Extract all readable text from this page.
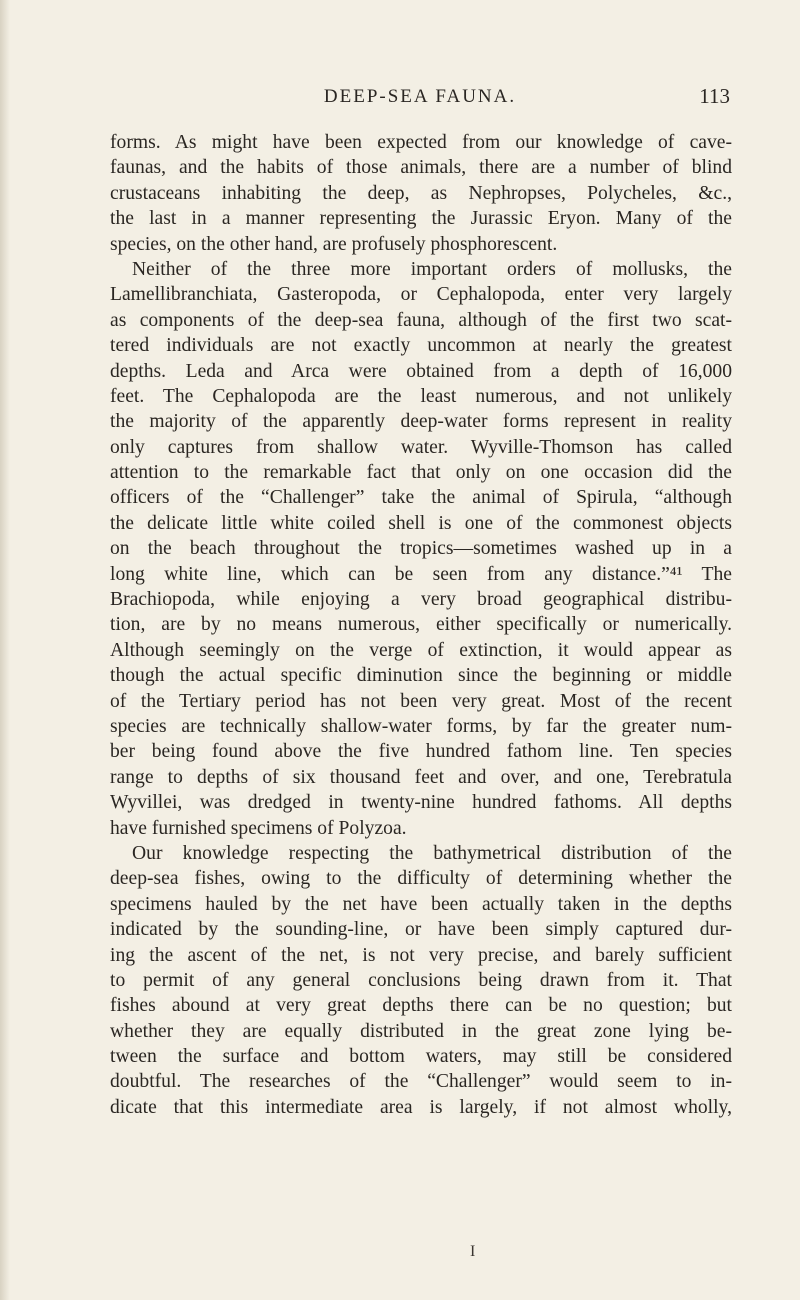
DEEP-SEA FAUNA.	113
forms. As might have been expected from our knowledge of cave-
faunas, and the habits of those animals, there are a number of blind
crustaceans inhabiting the deep, as Nephropses, Polycheles, &c.,
the last in a manner representing the Jurassic Eryon. Many of the
species, on the other hand, are profusely phosphorescent.
Neither of the three more important orders of mollusks, the
Lamellibranchiata, Gasteropoda, or Cephalopoda, enter very largely
as components of the deep-sea fauna, although of the first two scat-
tered individuals are not exactly uncommon at nearly the greatest
depths. Leda and Arca were obtained from a depth of 16,000
feet. The Cephalopoda are the least numerous, and not unlikely
the majority of the apparently deep-water forms represent in reality
only captures from shallow water. Wyville-Thomson has called
attention to the remarkable fact that only on one occasion did the
officers of the “Challenger” take the animal of Spirula, “although
the delicate little white coiled shell is one of the commonest objects
on the beach throughout the tropics—sometimes washed up in a
long white line, which can be seen from any distance.”⁴¹ The
Brachiopoda, while enjoying a very broad geographical distribu-
tion, are by no means numerous, either specifically or numerically.
Although seemingly on the verge of extinction, it would appear as
though the actual specific diminution since the beginning or middle
of the Tertiary period has not been very great. Most of the recent
species are technically shallow-water forms, by far the greater num-
ber being found above the five hundred fathom line. Ten species
range to depths of six thousand feet and over, and one, Terebratula
Wyvillei, was dredged in twenty-nine hundred fathoms. All depths
have furnished specimens of Polyzoa.
Our knowledge respecting the bathymetrical distribution of the
deep-sea fishes, owing to the difficulty of determining whether the
specimens hauled by the net have been actually taken in the depths
indicated by the sounding-line, or have been simply captured dur-
ing the ascent of the net, is not very precise, and barely sufficient
to permit of any general conclusions being drawn from it. That
fishes abound at very great depths there can be no question; but
whether they are equally distributed in the great zone lying be-
tween the surface and bottom waters, may still be considered
doubtful. The researches of the “Challenger” would seem to in-
dicate that this intermediate area is largely, if not almost wholly,
I
